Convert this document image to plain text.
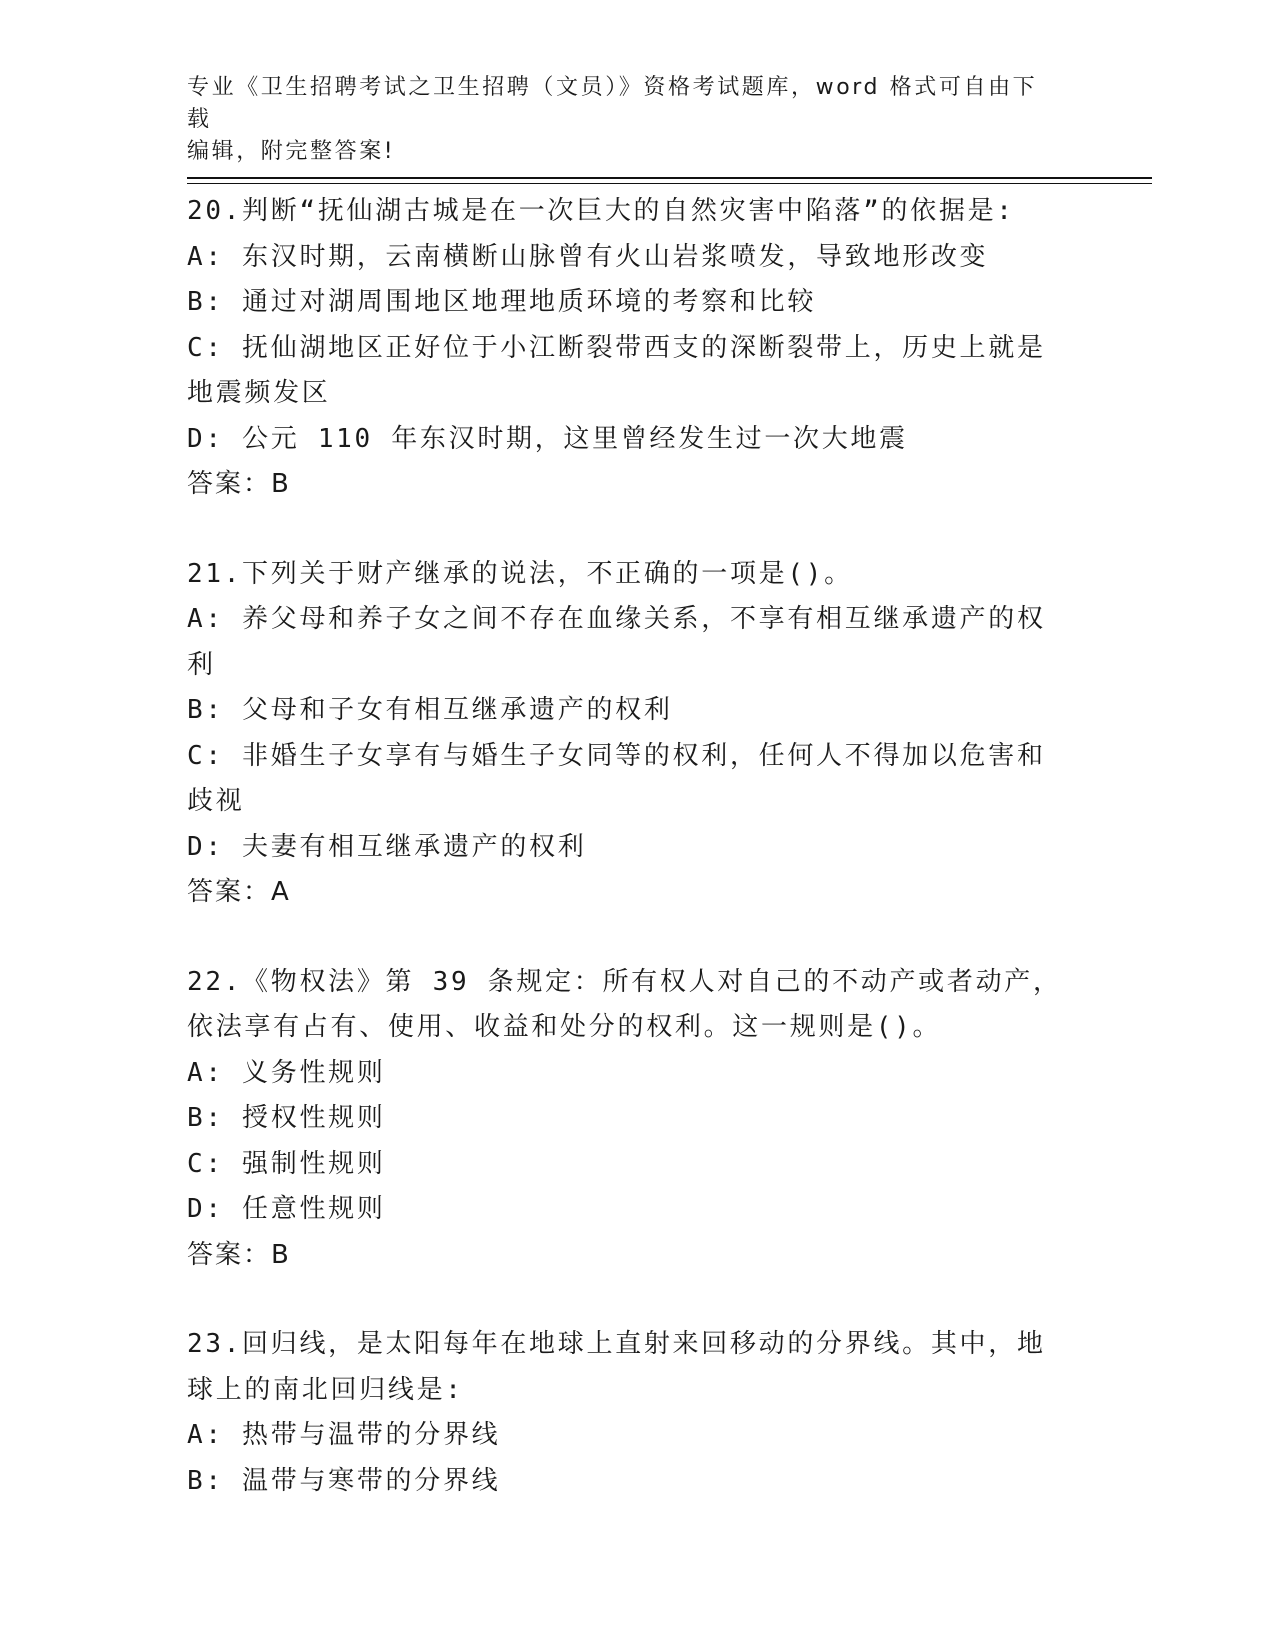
专业《卫生招聘考试之卫生招聘（文员）》资格考试题库，word 格式可自由下载
编辑，附完整答案!
20.判断“抚仙湖古城是在一次巨大的自然灾害中陷落”的依据是:
A: 东汉时期，云南横断山脉曾有火山岩浆喷发，导致地形改变
B: 通过对湖周围地区地理地质环境的考察和比较
C: 抚仙湖地区正好位于小江断裂带西支的深断裂带上，历史上就是地震频发区
D: 公元 110 年东汉时期，这里曾经发生过一次大地震
答案：B
21.下列关于财产继承的说法，不正确的一项是()。
A: 养父母和养子女之间不存在血缘关系，不享有相互继承遗产的权利
B: 父母和子女有相互继承遗产的权利
C: 非婚生子女享有与婚生子女同等的权利，任何人不得加以危害和歧视
D: 夫妻有相互继承遗产的权利
答案：A
22.《物权法》第 39 条规定：所有权人对自己的不动产或者动产，依法享有占有、使用、收益和处分的权利。这一规则是()。
A: 义务性规则
B: 授权性规则
C: 强制性规则
D: 任意性规则
答案：B
23.回归线，是太阳每年在地球上直射来回移动的分界线。其中，地球上的南北回归线是:
A: 热带与温带的分界线
B: 温带与寒带的分界线
